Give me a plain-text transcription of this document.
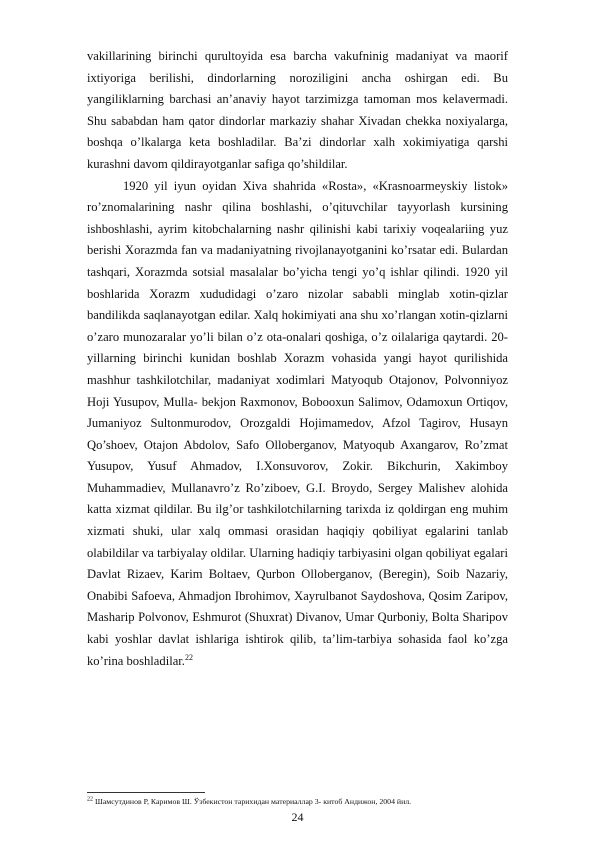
vakillarining birinchi qurultoyida esa barcha vakufninig madaniyat va maorif ixtiyoriga berilishi, dindorlarning noroziligini ancha oshirgan edi. Bu yangiliklarning barchasi an’anaviy hayot tarzimizga tamoman mos kelavermadi. Shu sababdan ham qator dindorlar markaziy shahar Xivadan chekka noxiyalarga, boshqa o’lkalarga keta boshladilar. Ba’zi dindorlar xalh xokimiyatiga qarshi kurashni davom qildirayotganlar safiga qo’shildilar.

1920 yil iyun oyidan Xiva shahrida «Rosta», «Krasnoarmeyskiy listok» ro’znomalarining nashr qilina boshlashi, o’qituvchilar tayyorlash kursining ishboshlashi, ayrim kitobchalarning nashr qilinishi kabi tarixiy voqealariing yuz berishi Xorazmda fan va madaniyatning rivojlanayotganini ko’rsatar edi. Bulardan tashqari, Xorazmda sotsial masalalar bo’yicha tengi yo’q ishlar qilindi. 1920 yil boshlarida Xorazm xududidagi o’zaro nizolar sababli minglab xotin-qizlar bandilikda saqlanayotgan edilar. Xalq hokimiyati ana shu xo’rlangan xotin-qizlarni o’zaro munozaralar yo’li bilan o’z ota-onalari qoshiga, o’z oilalariga qaytardi. 20-yillarning birinchi kunidan boshlab Xorazm vohasida yangi hayot qurilishida mashhur tashkilotchilar, madaniyat xodimlari Matyoqub Otajonov, Polvonniyoz Hoji Yusupov, Mulla- bekjon Raxmonov, Bobooxun Salimov, Odamoxun Ortiqov, Jumaniyoz Sultonmurodov, Orozgaldi Hojimamedov, Afzol Tagirov, Husayn Qo’shoev, Otajon Abdolov, Safo Olloberganov, Matyoqub Axangarov, Ro’zmat Yusupov, Yusuf Ahmadov, I.Xonsuvorov, Zokir. Bikchurin, Xakimboy Muhammadiev, Mullanavro’z Ro’ziboev, G.I. Broydo, Sergey Malishev alohida katta xizmat qildilar. Bu ilg’or tashkilotchilarning tarixda iz qoldirgan eng muhim xizmati shuki, ular xalq ommasi orasidan haqiqiy qobiliyat egalarini tanlab olabildilar va tarbiyalay oldilar. Ularning hadiqiy tarbiyasini olgan qobiliyat egalari Davlat Rizaev, Karim Boltaev, Qurbon Olloberganov, (Beregin), Soib Nazariy, Onabibi Safoeva, Ahmadjon Ibrohimov, Xayrulbanot Saydoshova, Qosim Zaripov, Masharip Polvonov, Eshmurot (Shuxrat) Divanov, Umar Qurboniy, Bolta Sharipov kabi yoshlar davlat ishlariga ishtirok qilib, ta’lim-tarbiya sohasida faol ko’zga ko’rina boshladilar.$^{22}$

$^{22}$ Шамсутдинов Р, Каримов Ш. Ўзбекистон тарихидан материаллар 3- китоб Андижон, 2004 йил.
24
